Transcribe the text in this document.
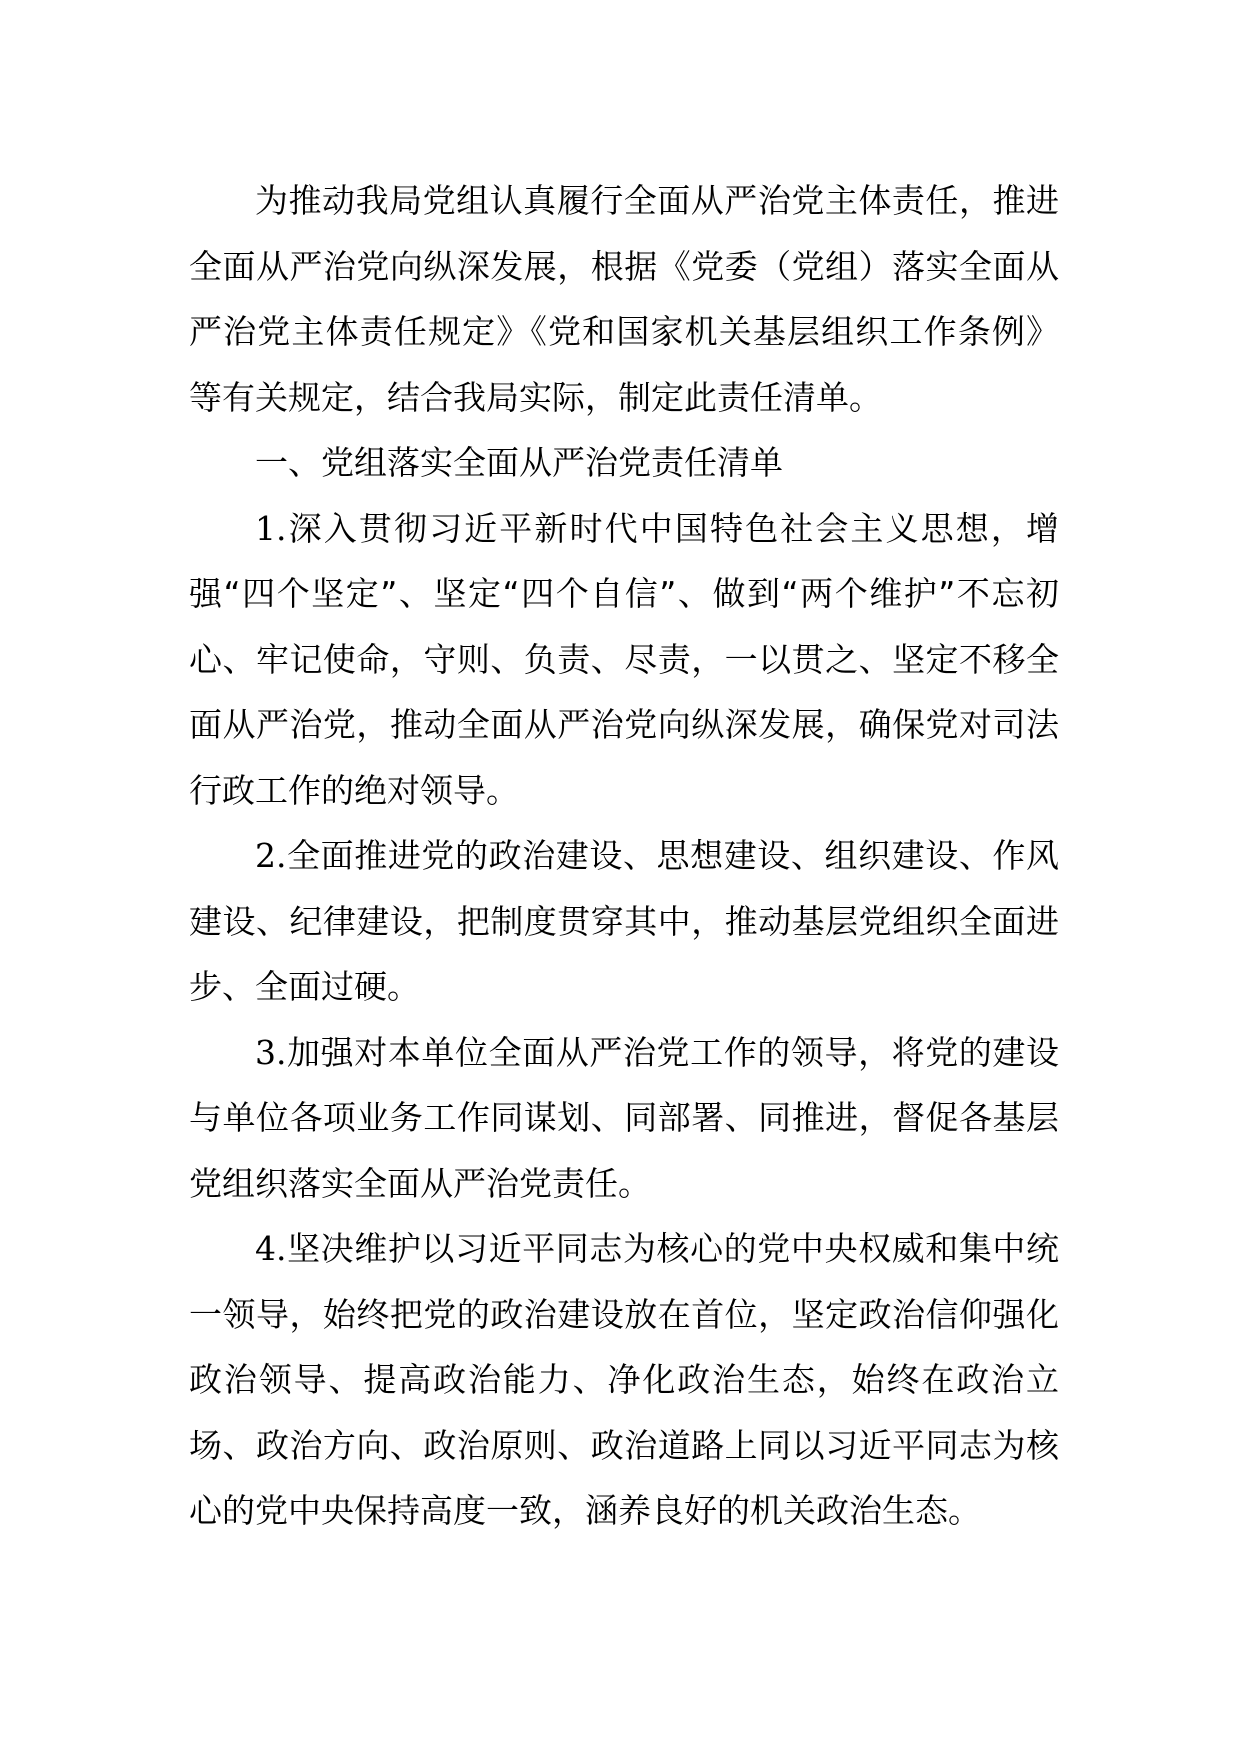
为推动我局党组认真履行全面从严治党主体责任，推进全面从严治党向纵深发展，根据《党委（党组）落实全面从严治党主体责任规定》《党和国家机关基层组织工作条例》等有关规定，结合我局实际，制定此责任清单。

一、党组落实全面从严治党责任清单

1.深入贯彻习近平新时代中国特色社会主义思想，增强“四个坚定”、坚定“四个自信”、做到“两个维护”不忘初心、牢记使命，守则、负责、尽责，一以贯之、坚定不移全面从严治党，推动全面从严治党向纵深发展，确保党对司法行政工作的绝对领导。

2.全面推进党的政治建设、思想建设、组织建设、作风建设、纪律建设，把制度贯穿其中，推动基层党组织全面进步、全面过硬。

3.加强对本单位全面从严治党工作的领导，将党的建设与单位各项业务工作同谋划、同部署、同推进，督促各基层党组织落实全面从严治党责任。

4.坚决维护以习近平同志为核心的党中央权威和集中统一领导，始终把党的政治建设放在首位，坚定政治信仰强化政治领导、提高政治能力、净化政治生态，始终在政治立场、政治方向、政治原则、政治道路上同以习近平同志为核心的党中央保持高度一致，涵养良好的机关政治生态。
